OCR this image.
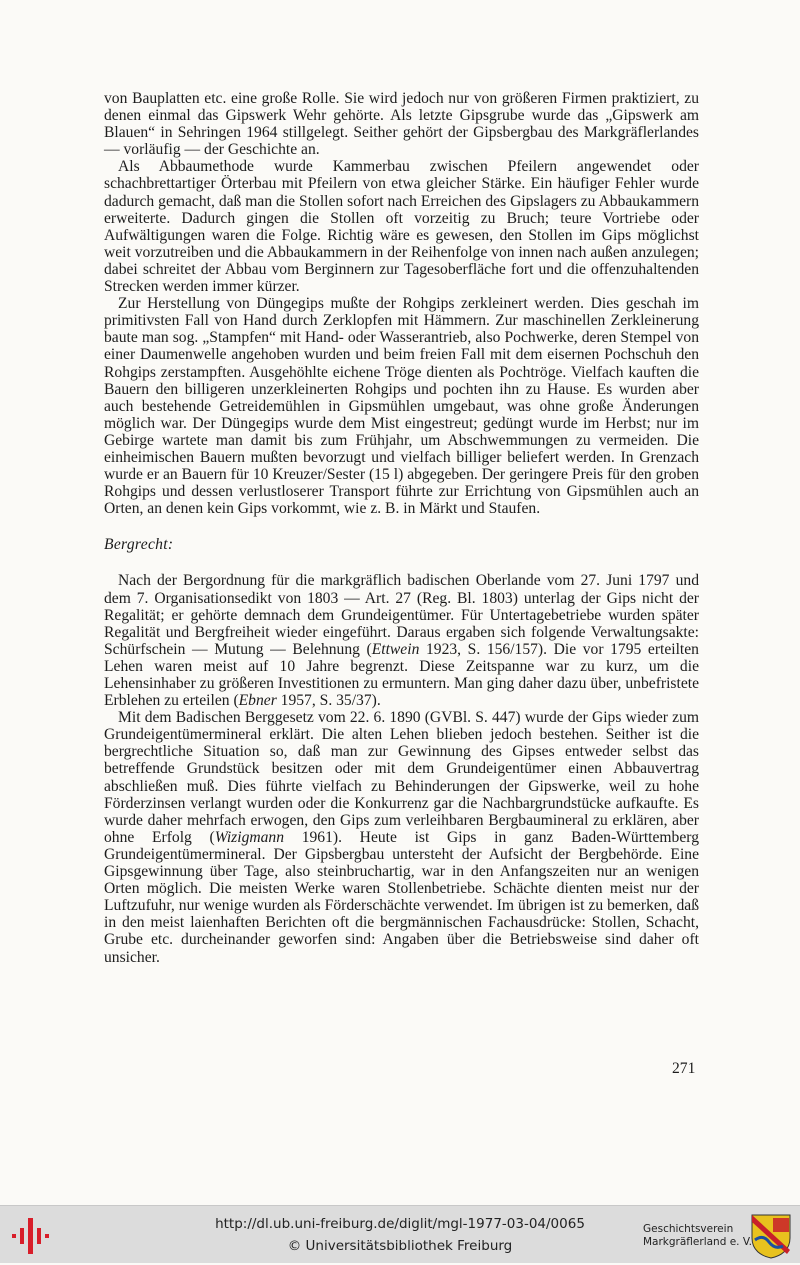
von Bauplatten etc. eine große Rolle. Sie wird jedoch nur von größeren Firmen praktiziert, zu denen einmal das Gipswerk Wehr gehörte. Als letzte Gipsgrube wurde das „Gipswerk am Blauen“ in Sehringen 1964 stillgelegt. Seither gehört der Gipsbergbau des Markgräflerlandes — vorläufig — der Geschichte an.

Als Abbaumethode wurde Kammerbau zwischen Pfeilern angewendet oder schachbrettartiger Örterbau mit Pfeilern von etwa gleicher Stärke. Ein häufiger Fehler wurde dadurch gemacht, daß man die Stollen sofort nach Erreichen des Gipslagers zu Abbaukammern erweiterte. Dadurch gingen die Stollen oft vorzeitig zu Bruch; teure Vortriebe oder Aufwältigungen waren die Folge. Richtig wäre es gewesen, den Stollen im Gips möglichst weit vorzutreiben und die Abbaukammern in der Reihenfolge von innen nach außen anzulegen; dabei schreitet der Abbau vom Berginnern zur Tagesoberfläche fort und die offenzuhaltenden Strecken werden immer kürzer.

Zur Herstellung von Düngegips mußte der Rohgips zerkleinert werden. Dies geschah im primitivsten Fall von Hand durch Zerklopfen mit Hämmern. Zur maschinellen Zerkleinerung baute man sog. „Stampfen“ mit Hand- oder Wasserantrieb, also Pochwerke, deren Stempel von einer Daumenwelle angehoben wurden und beim freien Fall mit dem eisernen Pochschuh den Rohgips zerstampften. Ausgehöhlte eichene Tröge dienten als Pochtröge. Vielfach kauften die Bauern den billigeren unzerkleinerten Rohgips und pochten ihn zu Hause. Es wurden aber auch bestehende Getreidemühlen in Gipsmühlen umgebaut, was ohne große Änderungen möglich war. Der Düngegips wurde dem Mist eingestreut; gedüngt wurde im Herbst; nur im Gebirge wartete man damit bis zum Frühjahr, um Abschwemmungen zu vermeiden. Die einheimischen Bauern mußten bevorzugt und vielfach billiger beliefert werden. In Grenzach wurde er an Bauern für 10 Kreuzer/Sester (15 l) abgegeben. Der geringere Preis für den groben Rohgips und dessen verlustloserer Transport führte zur Errichtung von Gipsmühlen auch an Orten, an denen kein Gips vorkommt, wie z. B. in Märkt und Staufen.

Bergrecht:

Nach der Bergordnung für die markgräflich badischen Oberlande vom 27. Juni 1797 und dem 7. Organisationsedikt von 1803 — Art. 27 (Reg. Bl. 1803) unterlag der Gips nicht der Regalität; er gehörte demnach dem Grundeigentümer. Für Untertagebetriebe wurden später Regalität und Bergfreiheit wieder eingeführt. Daraus ergaben sich folgende Verwaltungsakte: Schürfschein — Mutung — Belehnung (Ettwein 1923, S. 156/157). Die vor 1795 erteilten Lehen waren meist auf 10 Jahre begrenzt. Diese Zeitspanne war zu kurz, um die Lehensinhaber zu größeren Investitionen zu ermuntern. Man ging daher dazu über, unbefristete Erblehen zu erteilen (Ebner 1957, S. 35/37).

Mit dem Badischen Berggesetz vom 22. 6. 1890 (GVBl. S. 447) wurde der Gips wieder zum Grundeigentümermineral erklärt. Die alten Lehen blieben jedoch bestehen. Seither ist die bergrechtliche Situation so, daß man zur Gewinnung des Gipses entweder selbst das betreffende Grundstück besitzen oder mit dem Grundeigentümer einen Abbauvertrag abschließen muß. Dies führte vielfach zu Behinderungen der Gipswerke, weil zu hohe Förderzinsen verlangt wurden oder die Konkurrenz gar die Nachbargrundstücke aufkaufte. Es wurde daher mehrfach erwogen, den Gips zum verleihbaren Bergbaumineral zu erklären, aber ohne Erfolg (Wizigmann 1961). Heute ist Gips in ganz Baden-Württemberg Grundeigentümermineral. Der Gipsbergbau untersteht der Aufsicht der Bergbehörde. Eine Gipsgewinnung über Tage, also steinbruchartig, war in den Anfangszeiten nur an wenigen Orten möglich. Die meisten Werke waren Stollenbetriebe. Schächte dienten meist nur der Luftzufuhr, nur wenige wurden als Förderschächte verwendet. Im übrigen ist zu bemerken, daß in den meist laienhaften Berichten oft die bergmännischen Fachausdrücke: Stollen, Schacht, Grube etc. durcheinander geworfen sind: Angaben über die Betriebsweise sind daher oft unsicher.

271
http://dl.ub.uni-freiburg.de/diglit/mgl-1977-03-04/0065
© Universitätsbibliothek Freiburg
Geschichtsverein
Markgräflerland e. V.
